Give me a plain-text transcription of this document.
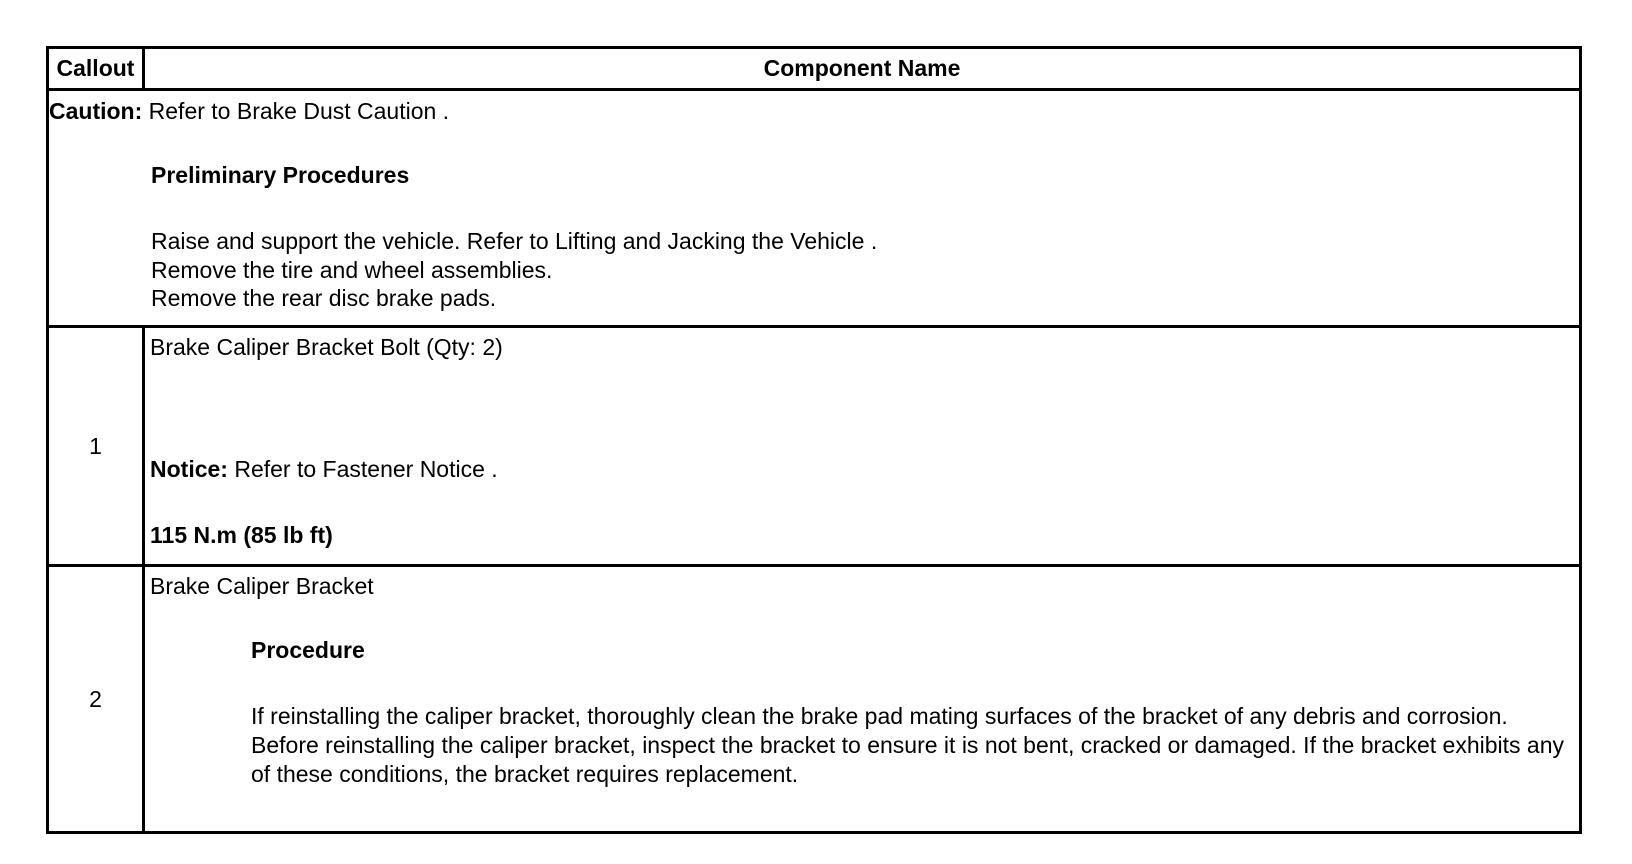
Callout	Component Name

Caution: Refer to Brake Dust Caution .
Preliminary Procedures
Raise and support the vehicle. Refer to Lifting and Jacking the Vehicle .
Remove the tire and wheel assemblies.
Remove the rear disc brake pads.	

1	Brake Caliper Bracket Bolt (Qty: 2)
Notice: Refer to Fastener Notice .
115 N.m (85 lb ft)

2	Brake Caliper Bracket
Procedure
If reinstalling the caliper bracket, thoroughly clean the brake pad mating surfaces of the bracket of any debris and corrosion.
Before reinstalling the caliper bracket, inspect the bracket to ensure it is not bent, cracked or damaged. If the bracket exhibits any of these conditions, the bracket requires replacement.
